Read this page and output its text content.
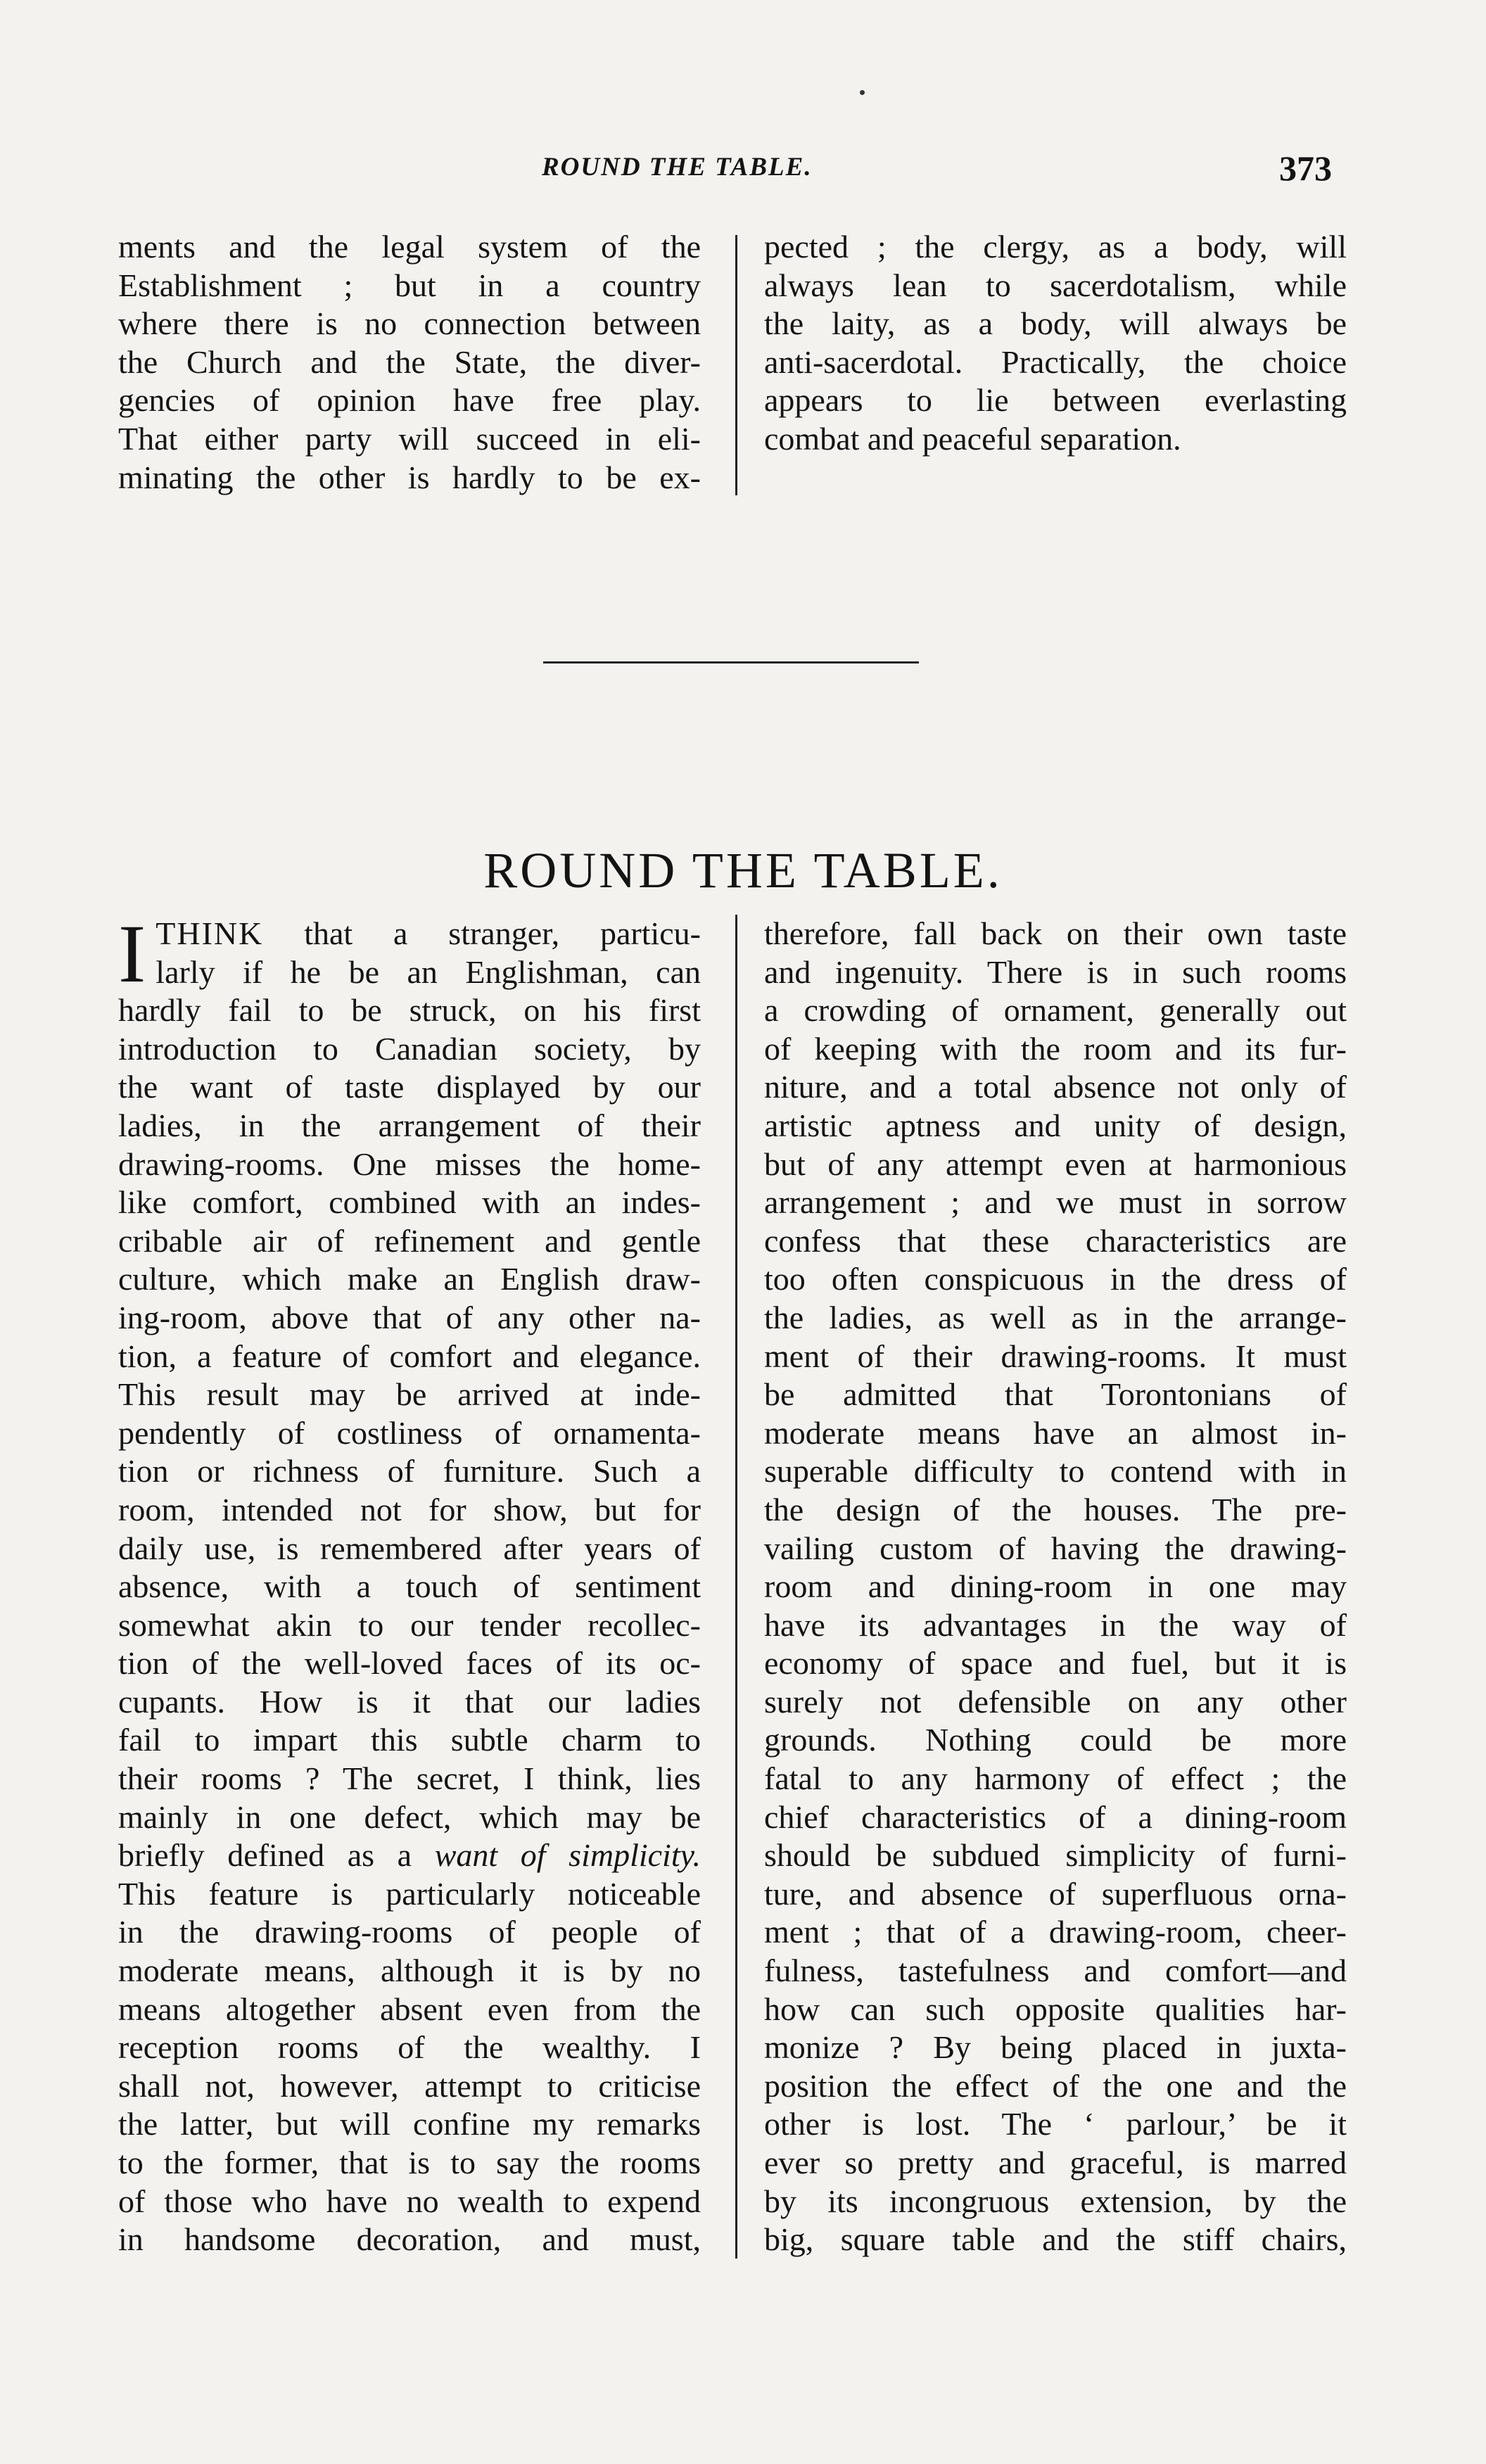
ROUND THE TABLE.	373
ments and the legal system of the
Establishment ; but in a country
where there is no connection between
the Church and the State, the diver-
gencies of opinion have free play.
That either party will succeed in eli-
minating the other is hardly to be ex-
pected ; the clergy, as a body, will
always lean to sacerdotalism, while
the laity, as a body, will always be
anti-sacerdotal. Practically, the choice
appears to lie between everlasting
combat and peaceful separation.
ROUND THE TABLE.
I THINK that a stranger, particu-
larly if he be an Englishman, can
hardly fail to be struck, on his first
introduction to Canadian society, by
the want of taste displayed by our
ladies, in the arrangement of their
drawing-rooms. One misses the home-
like comfort, combined with an indes-
cribable air of refinement and gentle
culture, which make an English draw-
ing-room, above that of any other na-
tion, a feature of comfort and elegance.
This result may be arrived at inde-
pendently of costliness of ornamenta-
tion or richness of furniture. Such a
room, intended not for show, but for
daily use, is remembered after years of
absence, with a touch of sentiment
somewhat akin to our tender recollec-
tion of the well-loved faces of its oc-
cupants. How is it that our ladies
fail to impart this subtle charm to
their rooms ? The secret, I think, lies
mainly in one defect, which may be
briefly defined as a want of simplicity.
This feature is particularly noticeable
in the drawing-rooms of people of
moderate means, although it is by no
means altogether absent even from the
reception rooms of the wealthy. I
shall not, however, attempt to criticise
the latter, but will confine my remarks
to the former, that is to say the rooms
of those who have no wealth to expend
in handsome decoration, and must,
therefore, fall back on their own taste
and ingenuity. There is in such rooms
a crowding of ornament, generally out
of keeping with the room and its fur-
niture, and a total absence not only of
artistic aptness and unity of design,
but of any attempt even at harmonious
arrangement ; and we must in sorrow
confess that these characteristics are
too often conspicuous in the dress of
the ladies, as well as in the arrange-
ment of their drawing-rooms. It must
be admitted that Torontonians of
moderate means have an almost in-
superable difficulty to contend with in
the design of the houses. The pre-
vailing custom of having the drawing-
room and dining-room in one may
have its advantages in the way of
economy of space and fuel, but it is
surely not defensible on any other
grounds. Nothing could be more
fatal to any harmony of effect ; the
chief characteristics of a dining-room
should be subdued simplicity of furni-
ture, and absence of superfluous orna-
ment ; that of a drawing-room, cheer-
fulness, tastefulness and comfort—and
how can such opposite qualities har-
monize ? By being placed in juxta-
position the effect of the one and the
other is lost. The ‘ parlour,’ be it
ever so pretty and graceful, is marred
by its incongruous extension, by the
big, square table and the stiff chairs,
